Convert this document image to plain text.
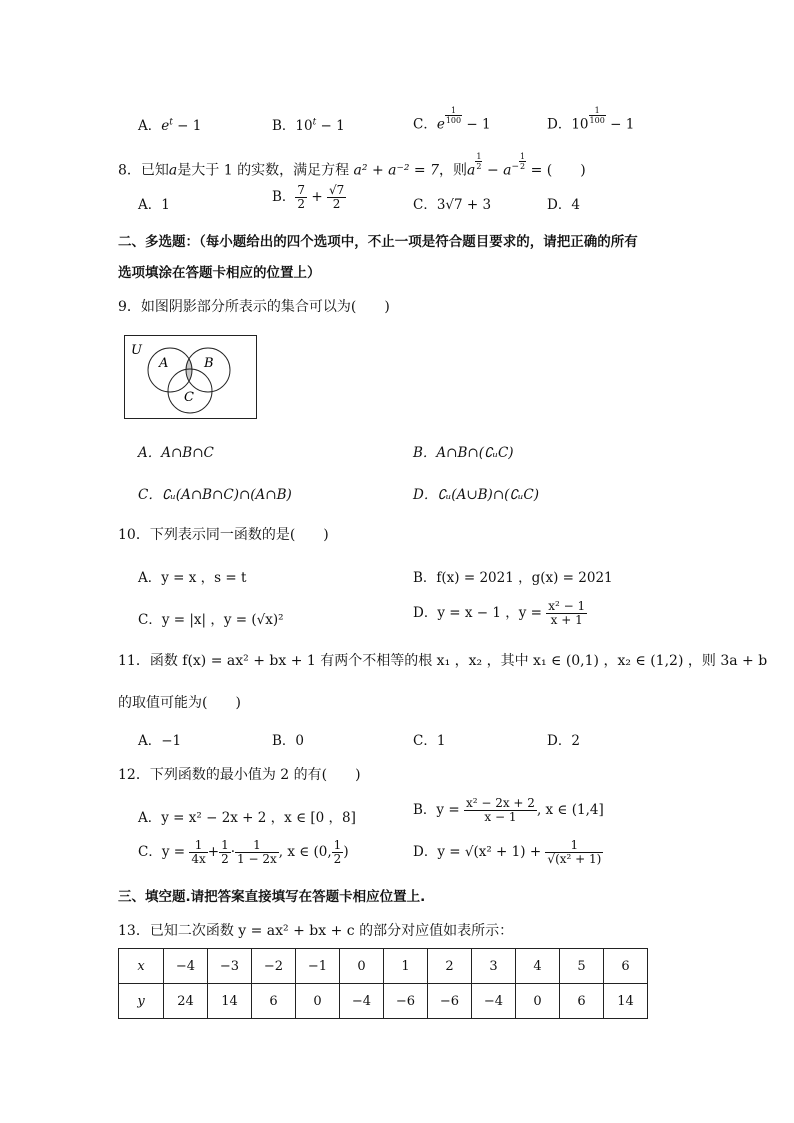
A．$e^t - 1$	B．$10^t - 1$	C．e $\frac{1}{100} - 1$	D．$10 \frac{1}{100} - 1$
8．已知a是大于 1 的实数，满足方程 a² + a⁻² = 7，则a $\frac{1}{2} - a^- \frac{1}{2}$ = (　　)
A．1	B． $\frac{7}{2} + \frac{√7}{2}$	C．3√7 + 3	D．4
二、多选题：（每小题给出的四个选项中，不止一项是符合题目要求的，请把正确的所有
选项填涂在答题卡相应的位置上）
9．如图阴影部分所表示的集合可以为(　　)
U
A	B
C
A．A∩B∩C	B．A∩B∩(∁ᵤC)
C．∁ᵤ(A∩B∩C)∩(A∩B)	D．∁ᵤ(A∪B)∩(∁ᵤC)
10．下列表示同一函数的是(　　)
A．y = x ，s = t	B．f(x) = 2021 ，g(x) = 2021
C．y = |x| ，y = (√x)²	D．y = x − 1 ，$y = \frac{\text{x² − 1}}{x + 1}$
11．函数 f(x) = ax² + bx + 1 有两个不相等的根 x₁ ，x₂ ，其中 x₁ ∈ (0,1) ，x₂ ∈ (1,2) ，则 3a + b
的取值可能为(　　)
A．−1	B．0	C．1	D．2
12．下列函数的最小值为 2 的有(　　)
A．y = x² − 2x + 2 ，x ∈ [0 ，8]	B．$y = \frac{\text{x² − 2x + 2}}{x - 1}$ , x ∈ (1,4]
C．$y = \frac{1}{4x} + \frac{1}{2} \cdot \frac{1}{1 - 2x}$ , x ∈ (0, $\frac{1}{2}$ )	D．$y = √(x^2 + 1) + \frac{1}{\text{√(x² + 1)}}$
三、填空题.请把答案直接填写在答题卡相应位置上.
13．已知二次函数 y = ax² + bx + c 的部分对应值如表所示：
x	−4	−3	−2	−1	0	1	2	3	4	5	6
y	24	14	6	0	−4	−6	−6	−4	0	6	14
